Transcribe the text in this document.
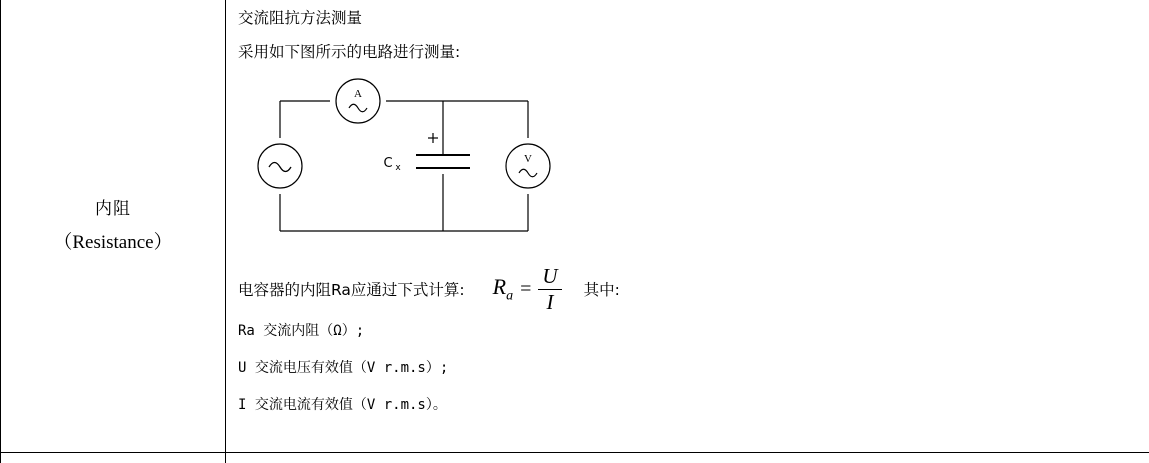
内阻
（Resistance）

交流阻抗方法测量

采用如下图所示的电路进行测量:

A
V
C x
电容器的内阻Ra应通过下式计算: $R_a = \frac{U}{I}$ 其中:

Ra 交流内阻（Ω）;

U 交流电压有效值（V r.m.s）;

I 交流电流有效值（V r.m.s）。
